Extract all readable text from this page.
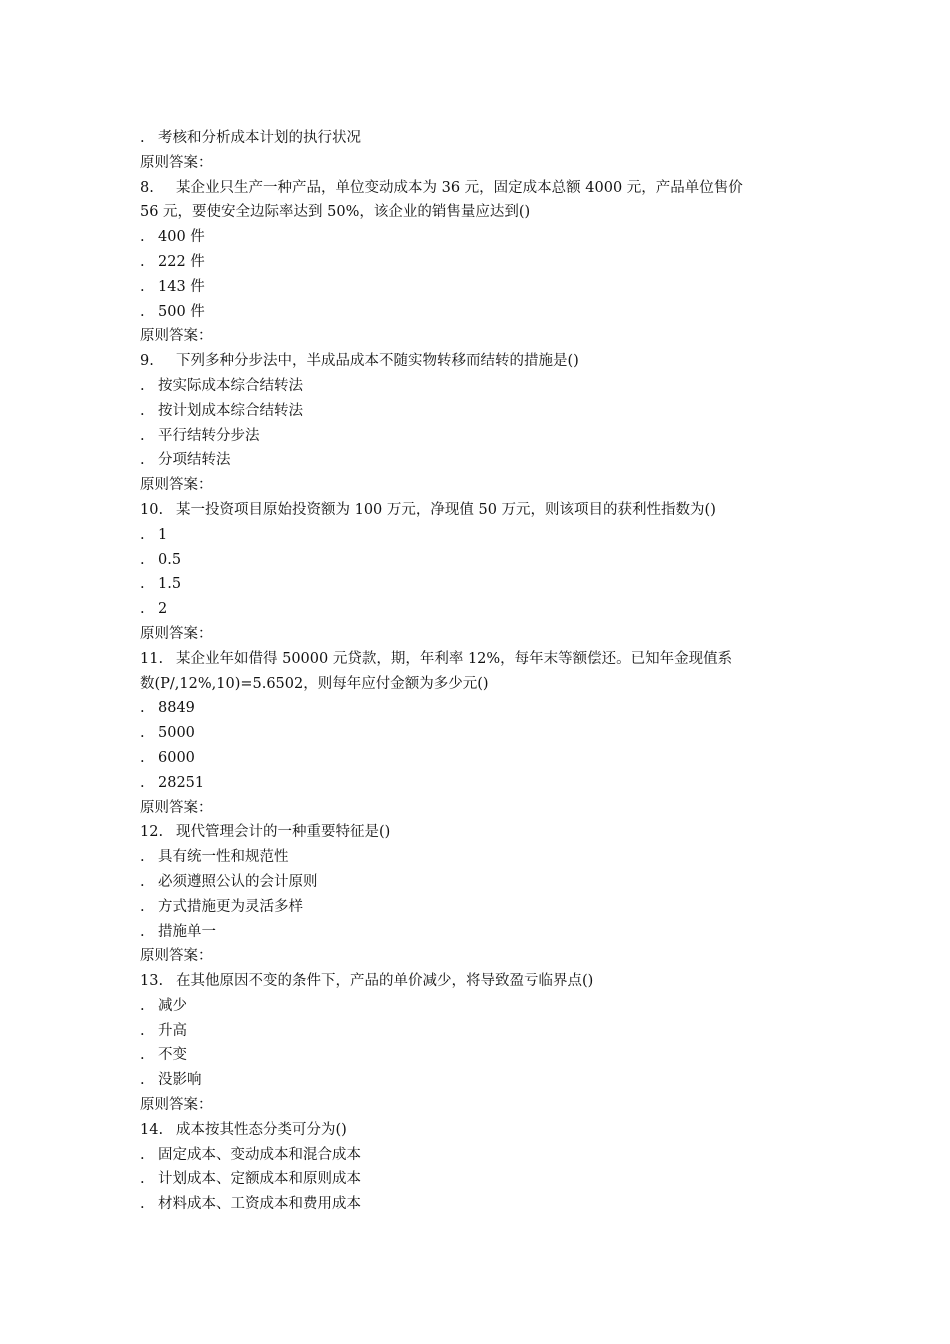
. 考核和分析成本计划的执行状况
原则答案：
8. 某企业只生产一种产品，单位变动成本为 36 元，固定成本总额 4000 元，产品单位售价
56 元，要使安全边际率达到 50%，该企业的销售量应达到()
. 400 件
. 222 件
. 143 件
. 500 件
原则答案：
9. 下列多种分步法中，半成品成本不随实物转移而结转的措施是()
. 按实际成本综合结转法
. 按计划成本综合结转法
. 平行结转分步法
. 分项结转法
原则答案：
10. 某一投资项目原始投资额为 100 万元，净现值 50 万元，则该项目的获利性指数为()
. 1
. 0.5
. 1.5
. 2
原则答案：
11. 某企业年如借得 50000 元贷款，期，年利率 12%，每年末等额偿还。已知年金现值系
数(P/,12%,10)=5.6502，则每年应付金额为多少元()
. 8849
. 5000
. 6000
. 28251
原则答案：
12. 现代管理会计的一种重要特征是()
. 具有统一性和规范性
. 必须遵照公认的会计原则
. 方式措施更为灵活多样
. 措施单一
原则答案：
13. 在其他原因不变的条件下，产品的单价减少，将导致盈亏临界点()
. 减少
. 升高
. 不变
. 没影响
原则答案：
14. 成本按其性态分类可分为()
. 固定成本、变动成本和混合成本
. 计划成本、定额成本和原则成本
. 材料成本、工资成本和费用成本
